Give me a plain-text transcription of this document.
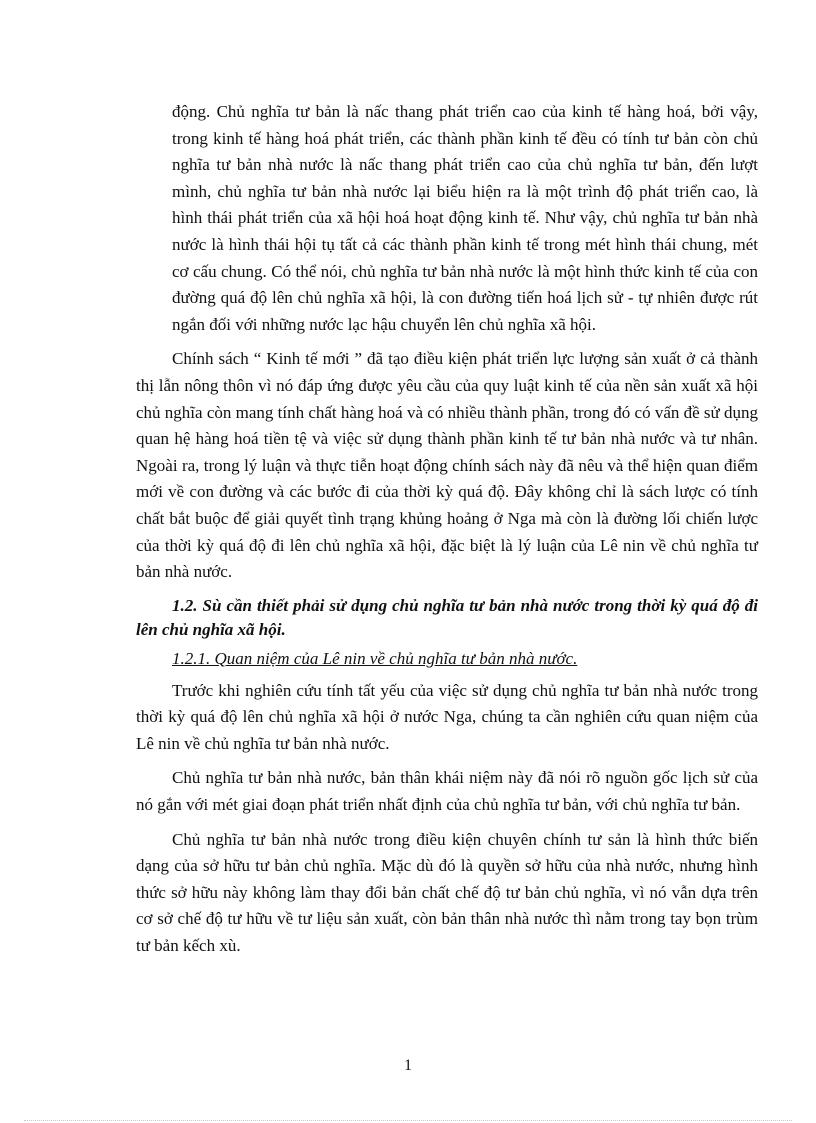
động. Chủ nghĩa tư bản là nấc thang phát triển cao của kinh tế hàng hoá, bởi vậy, trong kinh tế hàng hoá phát triển, các thành phần kinh tế đều có tính tư bản còn chủ nghĩa tư bản nhà nước là nấc thang phát triển cao của chủ nghĩa tư bản, đến lượt mình, chủ nghĩa tư bản nhà nước lại biểu hiện ra là một trình độ phát triển cao, là hình thái phát triển của xã hội hoá hoạt động kinh tế. Như vậy, chủ nghĩa tư bản nhà nước là hình thái hội tụ tất cả các thành phần kinh tế trong mét hình thái chung, mét cơ cấu chung. Có thể nói, chủ nghĩa tư bản nhà nước là một hình thức kinh tế của con đường quá độ lên chủ nghĩa xã hội, là con đường tiến hoá lịch sử - tự nhiên được rút ngắn đối với những nước lạc hậu chuyển lên chủ nghĩa xã hội.

Chính sách “ Kinh tế mới ” đã tạo điều kiện phát triển lực lượng sản xuất ở cả thành thị lẫn nông thôn vì nó đáp ứng được yêu cầu của quy luật kinh tế của nền sản xuất xã hội chủ nghĩa còn mang tính chất hàng hoá và có nhiều thành phần, trong đó có vấn đề sử dụng quan hệ hàng hoá tiền tệ và việc sử dụng thành phần kinh tế tư bản nhà nước và tư nhân. Ngoài ra, trong lý luận và thực tiễn hoạt động chính sách này đã nêu và thể hiện quan điểm mới về con đường và các bước đi của thời kỳ quá độ. Đây không chỉ là sách lược có tính chất bắt buộc để giải quyết tình trạng khủng hoảng ở Nga mà còn là đường lối chiến lược của thời kỳ quá độ đi lên chủ nghĩa xã hội, đặc biệt là lý luận của Lê nin về chủ nghĩa tư bản nhà nước.

1.2. Sù cần thiết phải sử dụng chủ nghĩa tư bản nhà nước trong thời kỳ quá độ đi lên chủ nghĩa xã hội.

1.2.1. Quan niệm của Lê nin về chủ nghĩa tư bản nhà nước.

Trước khi nghiên cứu tính tất yếu của việc sử dụng chủ nghĩa tư bản nhà nước trong thời kỳ quá độ lên chủ nghĩa xã hội ở nước Nga, chúng ta cần nghiên cứu quan niệm của Lê nin về chủ nghĩa tư bản nhà nước.

Chủ nghĩa tư bản nhà nước, bản thân khái niệm này đã nói rõ nguồn gốc lịch sử của nó gắn với mét giai đoạn phát triển nhất định của chủ nghĩa tư bản, với chủ nghĩa tư bản.

Chủ nghĩa tư bản nhà nước trong điều kiện chuyên chính tư sản là hình thức biến dạng của sở hữu tư bản chủ nghĩa. Mặc dù đó là quyền sở hữu của nhà nước, nhưng hình thức sở hữu này không làm thay đổi bản chất chế độ tư bản chủ nghĩa, vì nó vẫn dựa trên cơ sở chế độ tư hữu về tư liệu sản xuất, còn bản thân nhà nước thì nằm trong tay bọn trùm tư bản kếch xù.

1
